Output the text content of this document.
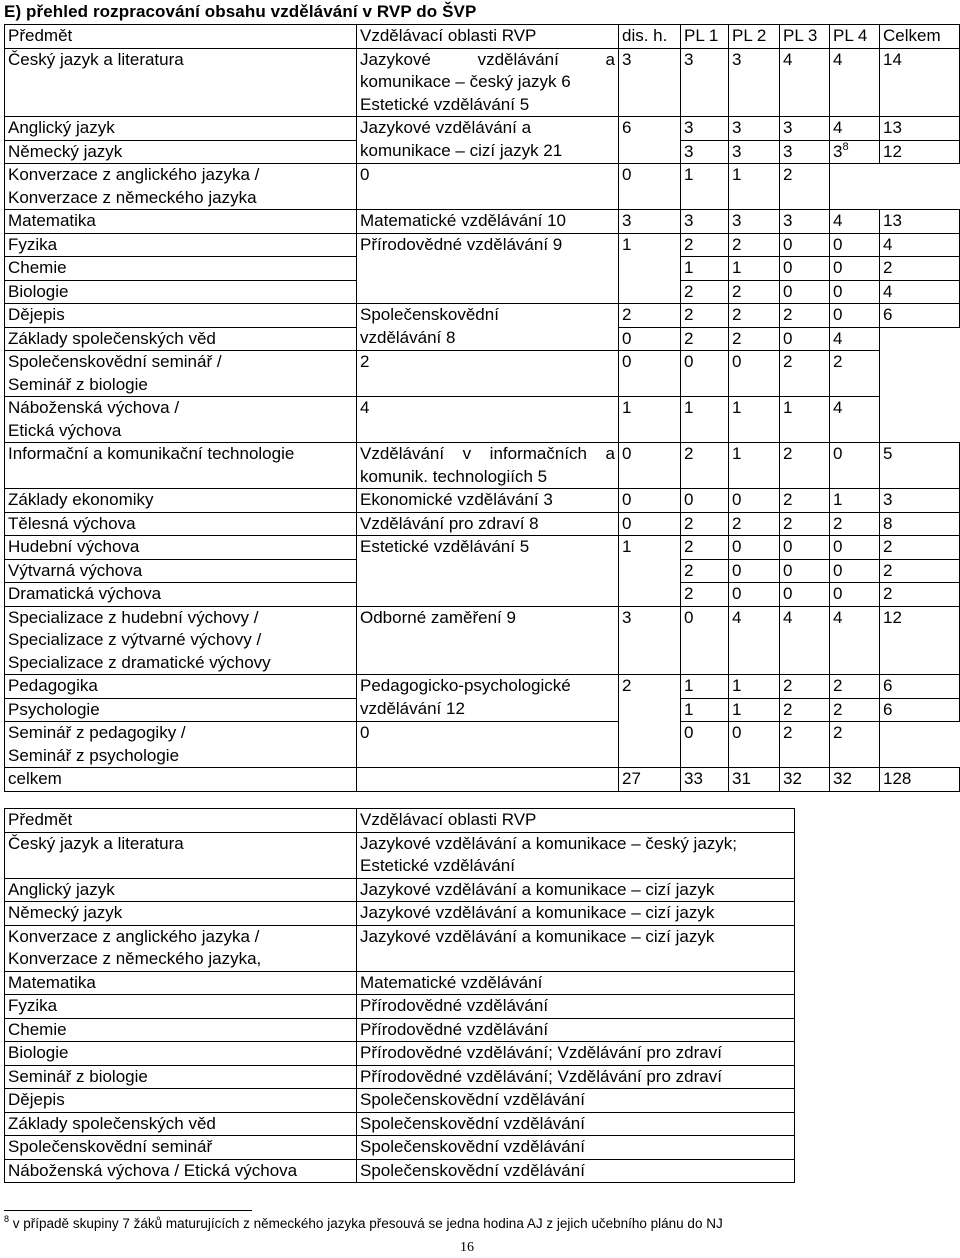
E) přehled rozpracování obsahu vzdělávání v RVP do ŠVP
Předmět	Vzdělávací oblasti RVP	dis. h.	PL 1	PL 2	PL 3	PL 4	Celkem

Český jazyk a literatura	Jazykové vzdělávání a
komunikace – český jazyk 6
Estetické vzdělávání 5	3	3	3	4	4	14

Anglický jazyk	Jazykové vzdělávání a
komunikace – cizí jazyk 21	6	3	3	3	4	13

Německý jazyk			3	3	3	$3^8$	12

Konverzace z anglického jazyka /
Konverzace z německého jazyka	0	0	1	1	2		

Matematika	Matematické vzdělávání 10	3	3	3	3	4	13

Fyzika	Přírodovědné vzdělávání 9	1	2	2	0	0	4

Chemie			1	1	0	0	2

Biologie			2	2	0	0	4

Dějepis	Společenskovědní
vzdělávání 8	2	2	2	2	0	6

Základy společenských věd		0	2	2	0	4	

Společenskovědní seminář /
Seminář z biologie	2	0	0	0	2	2	

Náboženská výchova /
Etická výchova	4	1	1	1	1	4	

Informační a komunikační technologie	Vzdělávání v informačních a
komunik. technologiích 5	0	2	1	2	0	5

Základy ekonomiky	Ekonomické vzdělávání 3	0	0	0	2	1	3

Tělesná výchova	Vzdělávání pro zdraví 8	0	2	2	2	2	8

Hudební výchova	Estetické vzdělávání 5	1	2	0	0	0	2

Výtvarná výchova			2	0	0	0	2

Dramatická výchova			2	0	0	0	2

Specializace z hudební výchovy /
Specializace z výtvarné výchovy /
Specializace z dramatické výchovy	Odborné zaměření 9	3	0	4	4	4	12

Pedagogika	Pedagogicko-psychologické
vzdělávání 12	2	1	1	2	2	6

Psychologie			1	1	2	2	6

Seminář z pedagogiky /
Seminář z psychologie	0		0	0	2	2	

celkem		27	33	31	32	32	128
Předmět	Vzdělávací oblasti RVP

Český jazyk a literatura	Jazykové vzdělávání a komunikace – český jazyk;
Estetické vzdělávání

Anglický jazyk	Jazykové vzdělávání a komunikace – cizí jazyk

Německý jazyk	Jazykové vzdělávání a komunikace – cizí jazyk

Konverzace z anglického jazyka /
Konverzace z německého jazyka,	Jazykové vzdělávání a komunikace – cizí jazyk

Matematika	Matematické vzdělávání

Fyzika	Přírodovědné vzdělávání

Chemie	Přírodovědné vzdělávání

Biologie	Přírodovědné vzdělávání; Vzdělávání pro zdraví

Seminář z biologie	Přírodovědné vzdělávání; Vzdělávání pro zdraví

Dějepis	Společenskovědní vzdělávání

Základy společenských věd	Společenskovědní vzdělávání

Společenskovědní seminář	Společenskovědní vzdělávání

Náboženská výchova / Etická výchova	Společenskovědní vzdělávání
$^8$ v případě skupiny 7 žáků maturujících z německého jazyka přesouvá se jedna hodina AJ z jejich učebního plánu do NJ
16
